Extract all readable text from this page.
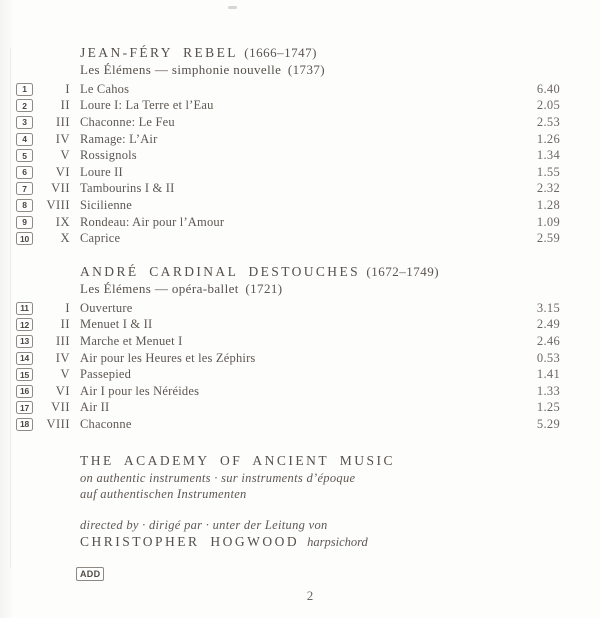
JEAN-FÉRY REBEL (1666–1747)
Les Élémens — simphonie nouvelle (1737)
1	I Le Cahos	6.40
2	II Loure I: La Terre et l’Eau	2.05
3	III Chaconne: Le Feu	2.53
4	IV Ramage: L’Air	1.26
5	V Rossignols	1.34
6	VI Loure II	1.55
7	VII Tambourins I & II	2.32
8	VIII Sicilienne	1.28
9	IX Rondeau: Air pour l’Amour	1.09
10	X Caprice	2.59
ANDRÉ CARDINAL DESTOUCHES (1672–1749)
Les Élémens — opéra-ballet (1721)
11	I Ouverture	3.15
12	II Menuet I & II	2.49
13	III Marche et Menuet I	2.46
14	IV Air pour les Heures et les Zéphirs	0.53
15	V Passepied	1.41
16	VI Air I pour les Néréides	1.33
17	VII Air II	1.25
18	VIII Chaconne	5.29
THE ACADEMY OF ANCIENT MUSIC
on authentic instruments · sur instruments d’époque
auf authentischen Instrumenten
directed by · dirigé par · unter der Leitung von
CHRISTOPHER HOGWOOD harpsichord
ADD
2
